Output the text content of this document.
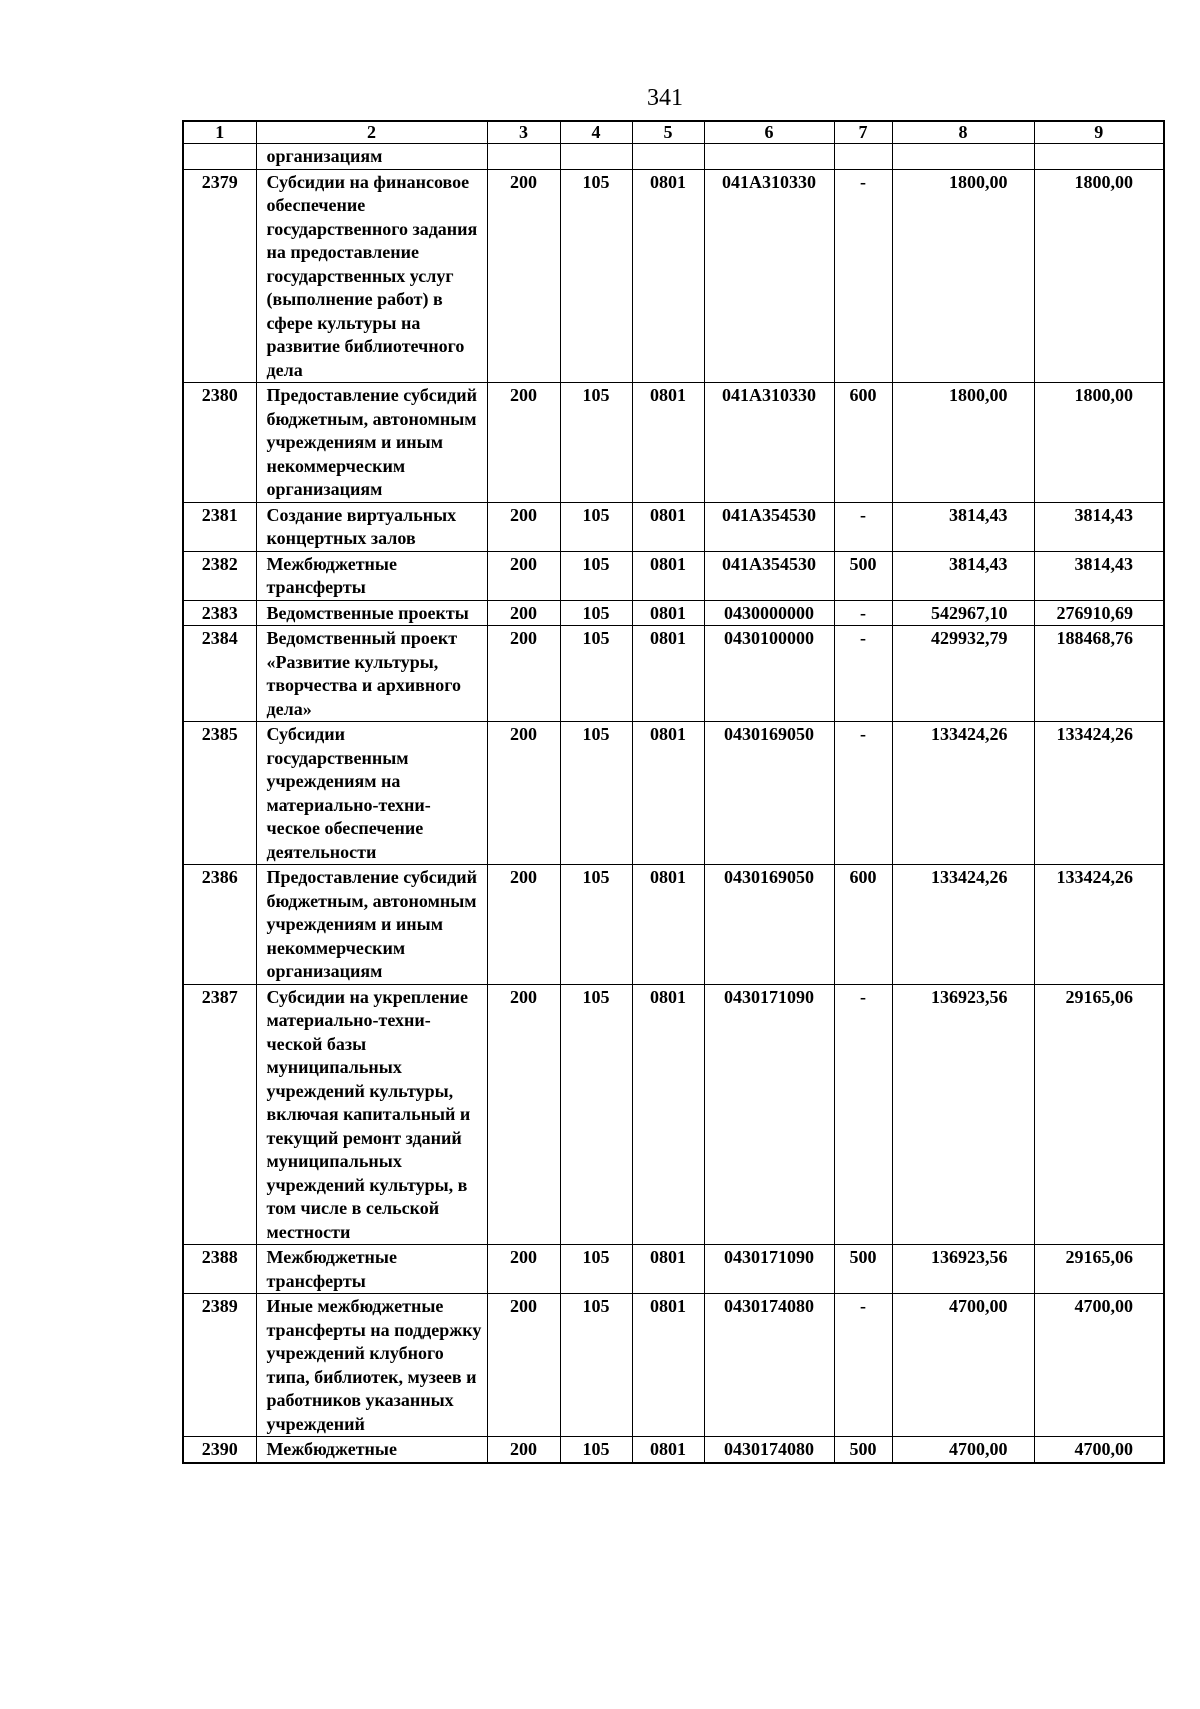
341
1	2	3	4	5	6	7	8	9
	организациям							
2379	Субсидии на финансовое обеспечение государственного задания на предоставление государственных услуг (выполнение работ) в сфере культуры на развитие библиотечного дела	200	105	0801	041А310330	-	1800,00	1800,00
2380	Предоставление субсидий бюджетным, автономным учреждениям и иным некоммерческим организациям	200	105	0801	041А310330	600	1800,00	1800,00
2381	Создание виртуальных концертных залов	200	105	0801	041А354530	-	3814,43	3814,43
2382	Межбюджетные трансферты	200	105	0801	041А354530	500	3814,43	3814,43
2383	Ведомственные проекты	200	105	0801	0430000000	-	542967,10	276910,69
2384	Ведомственный проект «Развитие культуры, творчества и архивного дела»	200	105	0801	0430100000	-	429932,79	188468,76
2385	Субсидии государственным учреждениям на материально-техни-ческое обеспечение деятельности	200	105	0801	0430169050	-	133424,26	133424,26
2386	Предоставление субсидий бюджетным, автономным учреждениям и иным некоммерческим организациям	200	105	0801	0430169050	600	133424,26	133424,26
2387	Субсидии на укрепление материально-техни-ческой базы муниципальных учреждений культуры, включая капитальный и текущий ремонт зданий муниципальных учреждений культуры, в том числе в сельской местности	200	105	0801	0430171090	-	136923,56	29165,06
2388	Межбюджетные трансферты	200	105	0801	0430171090	500	136923,56	29165,06
2389	Иные межбюджетные трансферты на поддержку учреждений клубного типа, библиотек, музеев и работников указанных учреждений	200	105	0801	0430174080	-	4700,00	4700,00
2390	Межбюджетные	200	105	0801	0430174080	500	4700,00	4700,00
